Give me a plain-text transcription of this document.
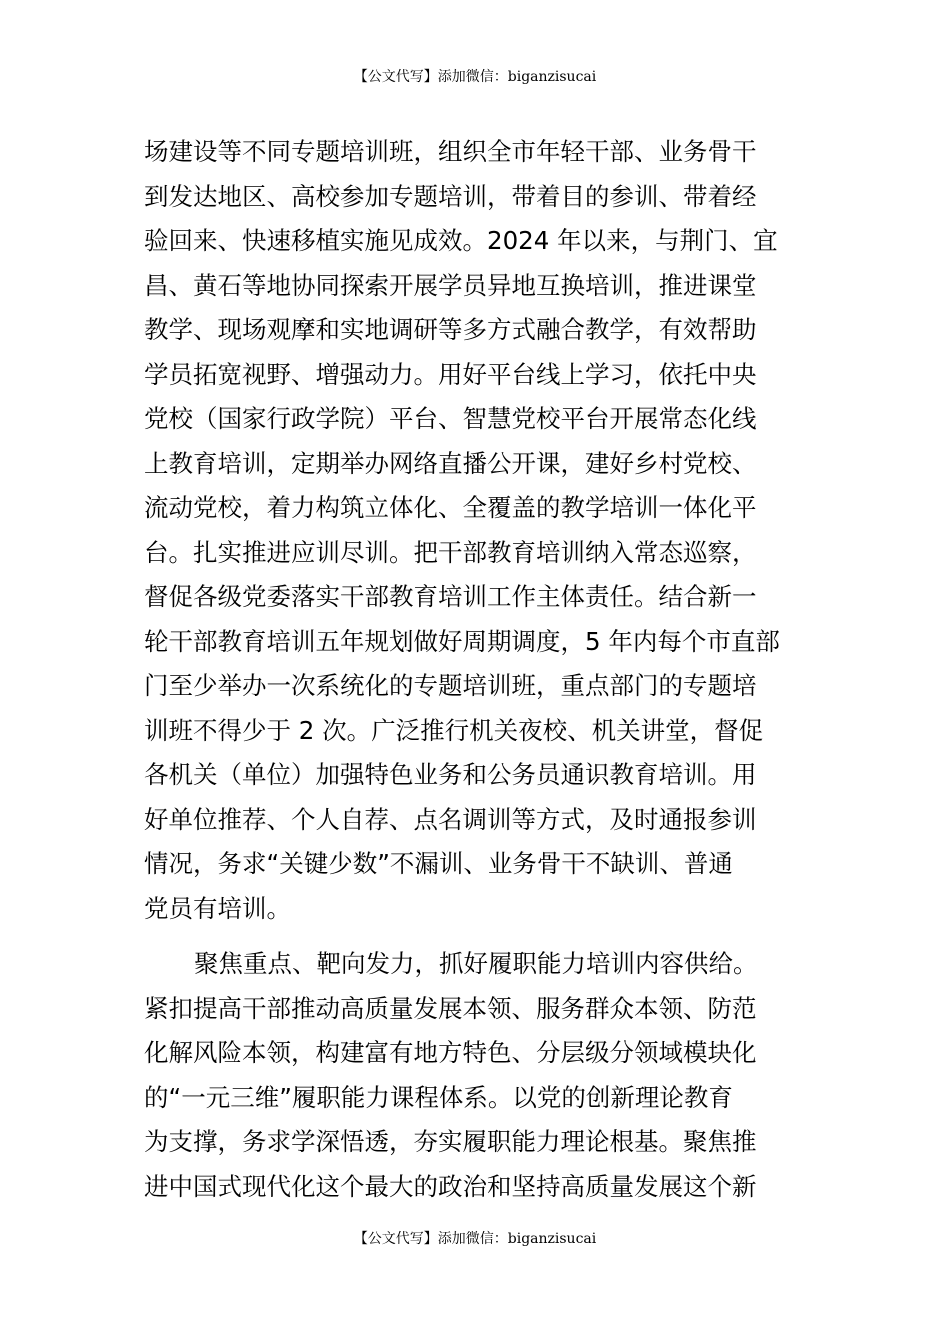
【公文代写】添加微信：biganzisucai

场建设等不同专题培训班，组织全市年轻干部、业务骨干
到发达地区、高校参加专题培训，带着目的参训、带着经
验回来、快速移植实施见成效。2024 年以来，与荆门、宜
昌、黄石等地协同探索开展学员异地互换培训，推进课堂
教学、现场观摩和实地调研等多方式融合教学，有效帮助
学员拓宽视野、增强动力。用好平台线上学习，依托中央
党校（国家行政学院）平台、智慧党校平台开展常态化线
上教育培训，定期举办网络直播公开课，建好乡村党校、
流动党校，着力构筑立体化、全覆盖的教学培训一体化平
台。扎实推进应训尽训。把干部教育培训纳入常态巡察，
督促各级党委落实干部教育培训工作主体责任。结合新一
轮干部教育培训五年规划做好周期调度，5 年内每个市直部
门至少举办一次系统化的专题培训班，重点部门的专题培
训班不得少于 2 次。广泛推行机关夜校、机关讲堂，督促
各机关（单位）加强特色业务和公务员通识教育培训。用
好单位推荐、个人自荐、点名调训等方式，及时通报参训
情况，务求“关键少数”不漏训、业务骨干不缺训、普通
党员有培训。

聚焦重点、靶向发力，抓好履职能力培训内容供给。
紧扣提高干部推动高质量发展本领、服务群众本领、防范
化解风险本领，构建富有地方特色、分层级分领域模块化
的“一元三维”履职能力课程体系。以党的创新理论教育
为支撑，务求学深悟透，夯实履职能力理论根基。聚焦推
进中国式现代化这个最大的政治和坚持高质量发展这个新

【公文代写】添加微信：biganzisucai
